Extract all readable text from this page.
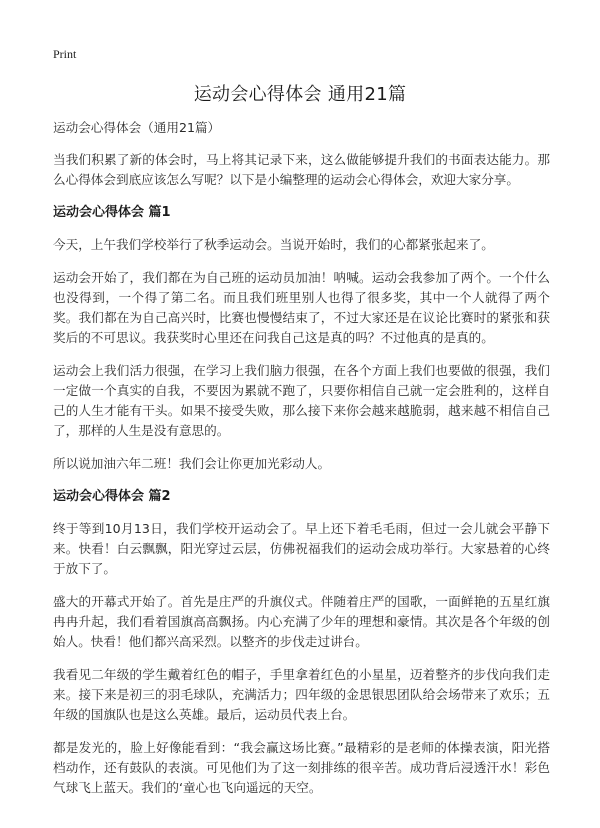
Print
运动会心得体会 通用21篇

运动会心得体会（通用21篇）

当我们积累了新的体会时，马上将其记录下来，这么做能够提升我们的书面表达能力。那么心得体会到底应该怎么写呢？以下是小编整理的运动会心得体会，欢迎大家分享。

运动会心得体会 篇1

今天，上午我们学校举行了秋季运动会。当说开始时，我们的心都紧张起来了。

运动会开始了，我们都在为自己班的运动员加油！呐喊。运动会我参加了两个。一个什么也没得到，一个得了第二名。而且我们班里别人也得了很多奖，其中一个人就得了两个奖。我们都在为自己高兴时，比赛也慢慢结束了，不过大家还是在议论比赛时的紧张和获奖后的不可思议。我获奖时心里还在问我自己这是真的吗？不过他真的是真的。

运动会上我们活力很强，在学习上我们脑力很强，在各个方面上我们也要做的很强，我们一定做一个真实的自我，不要因为累就不跑了，只要你相信自己就一定会胜利的，这样自己的人生才能有干头。如果不接受失败，那么接下来你会越来越脆弱，越来越不相信自己了，那样的人生是没有意思的。

所以说加油六年二班！我们会让你更加光彩动人。

运动会心得体会 篇2

终于等到10月13日，我们学校开运动会了。早上还下着毛毛雨，但过一会儿就会平静下来。快看！白云飘飘，阳光穿过云层，仿佛祝福我们的运动会成功举行。大家悬着的心终于放下了。

盛大的开幕式开始了。首先是庄严的升旗仪式。伴随着庄严的国歌，一面鲜艳的五星红旗冉冉升起，我们看着国旗高高飘扬。内心充满了少年的理想和豪情。其次是各个年级的创始人。快看！他们都兴高采烈。以整齐的步伐走过讲台。

我看见二年级的学生戴着红色的帽子，手里拿着红色的小星星，迈着整齐的步伐向我们走来。接下来是初三的羽毛球队，充满活力；四年级的金思银思团队给会场带来了欢乐；五年级的国旗队也是这么英雄。最后，运动员代表上台。

都是发光的，脸上好像能看到：“我会赢这场比赛。”最精彩的是老师的体操表演，阳光搭档动作，还有鼓队的表演。可见他们为了这一刻排练的很辛苦。成功背后浸透汗水！彩色气球飞上蓝天。我们的‘童心也飞向遥远的天空。
